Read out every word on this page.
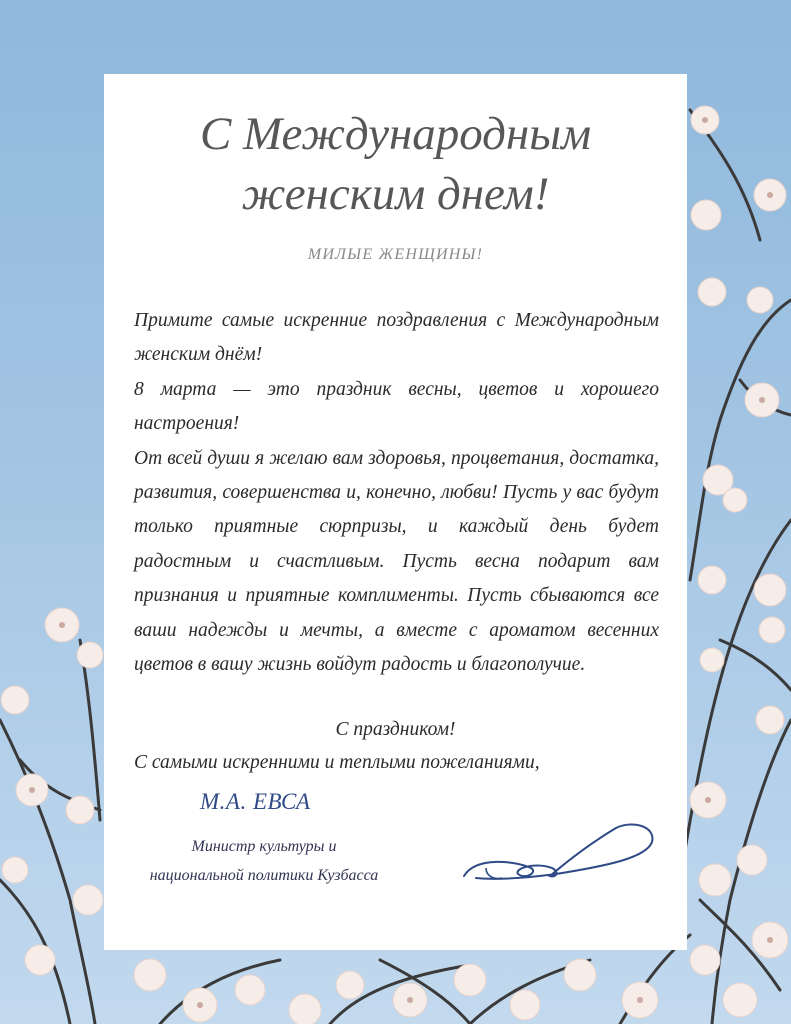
С Международным
женским днем!
МИЛЫЕ ЖЕНЩИНЫ!

Примите самые искренние поздравления с Международным женским днём!

8 марта — это праздник весны, цветов и хорошего настроения!

От всей души я желаю вам здоровья, процветания, достатка, развития, совершенства и, конечно, любви! Пусть у вас будут только приятные сюрпризы, и каждый день будет радостным и счастливым. Пусть весна подарит вам признания и приятные комплименты. Пусть сбываются все ваши надежды и мечты, а вместе с ароматом весенних цветов в вашу жизнь войдут радость и благополучие.

С праздником!
С самыми искренними и теплыми пожеланиями,
М.А. ЕВСА
Министр культуры и
национальной политики Кузбасса
